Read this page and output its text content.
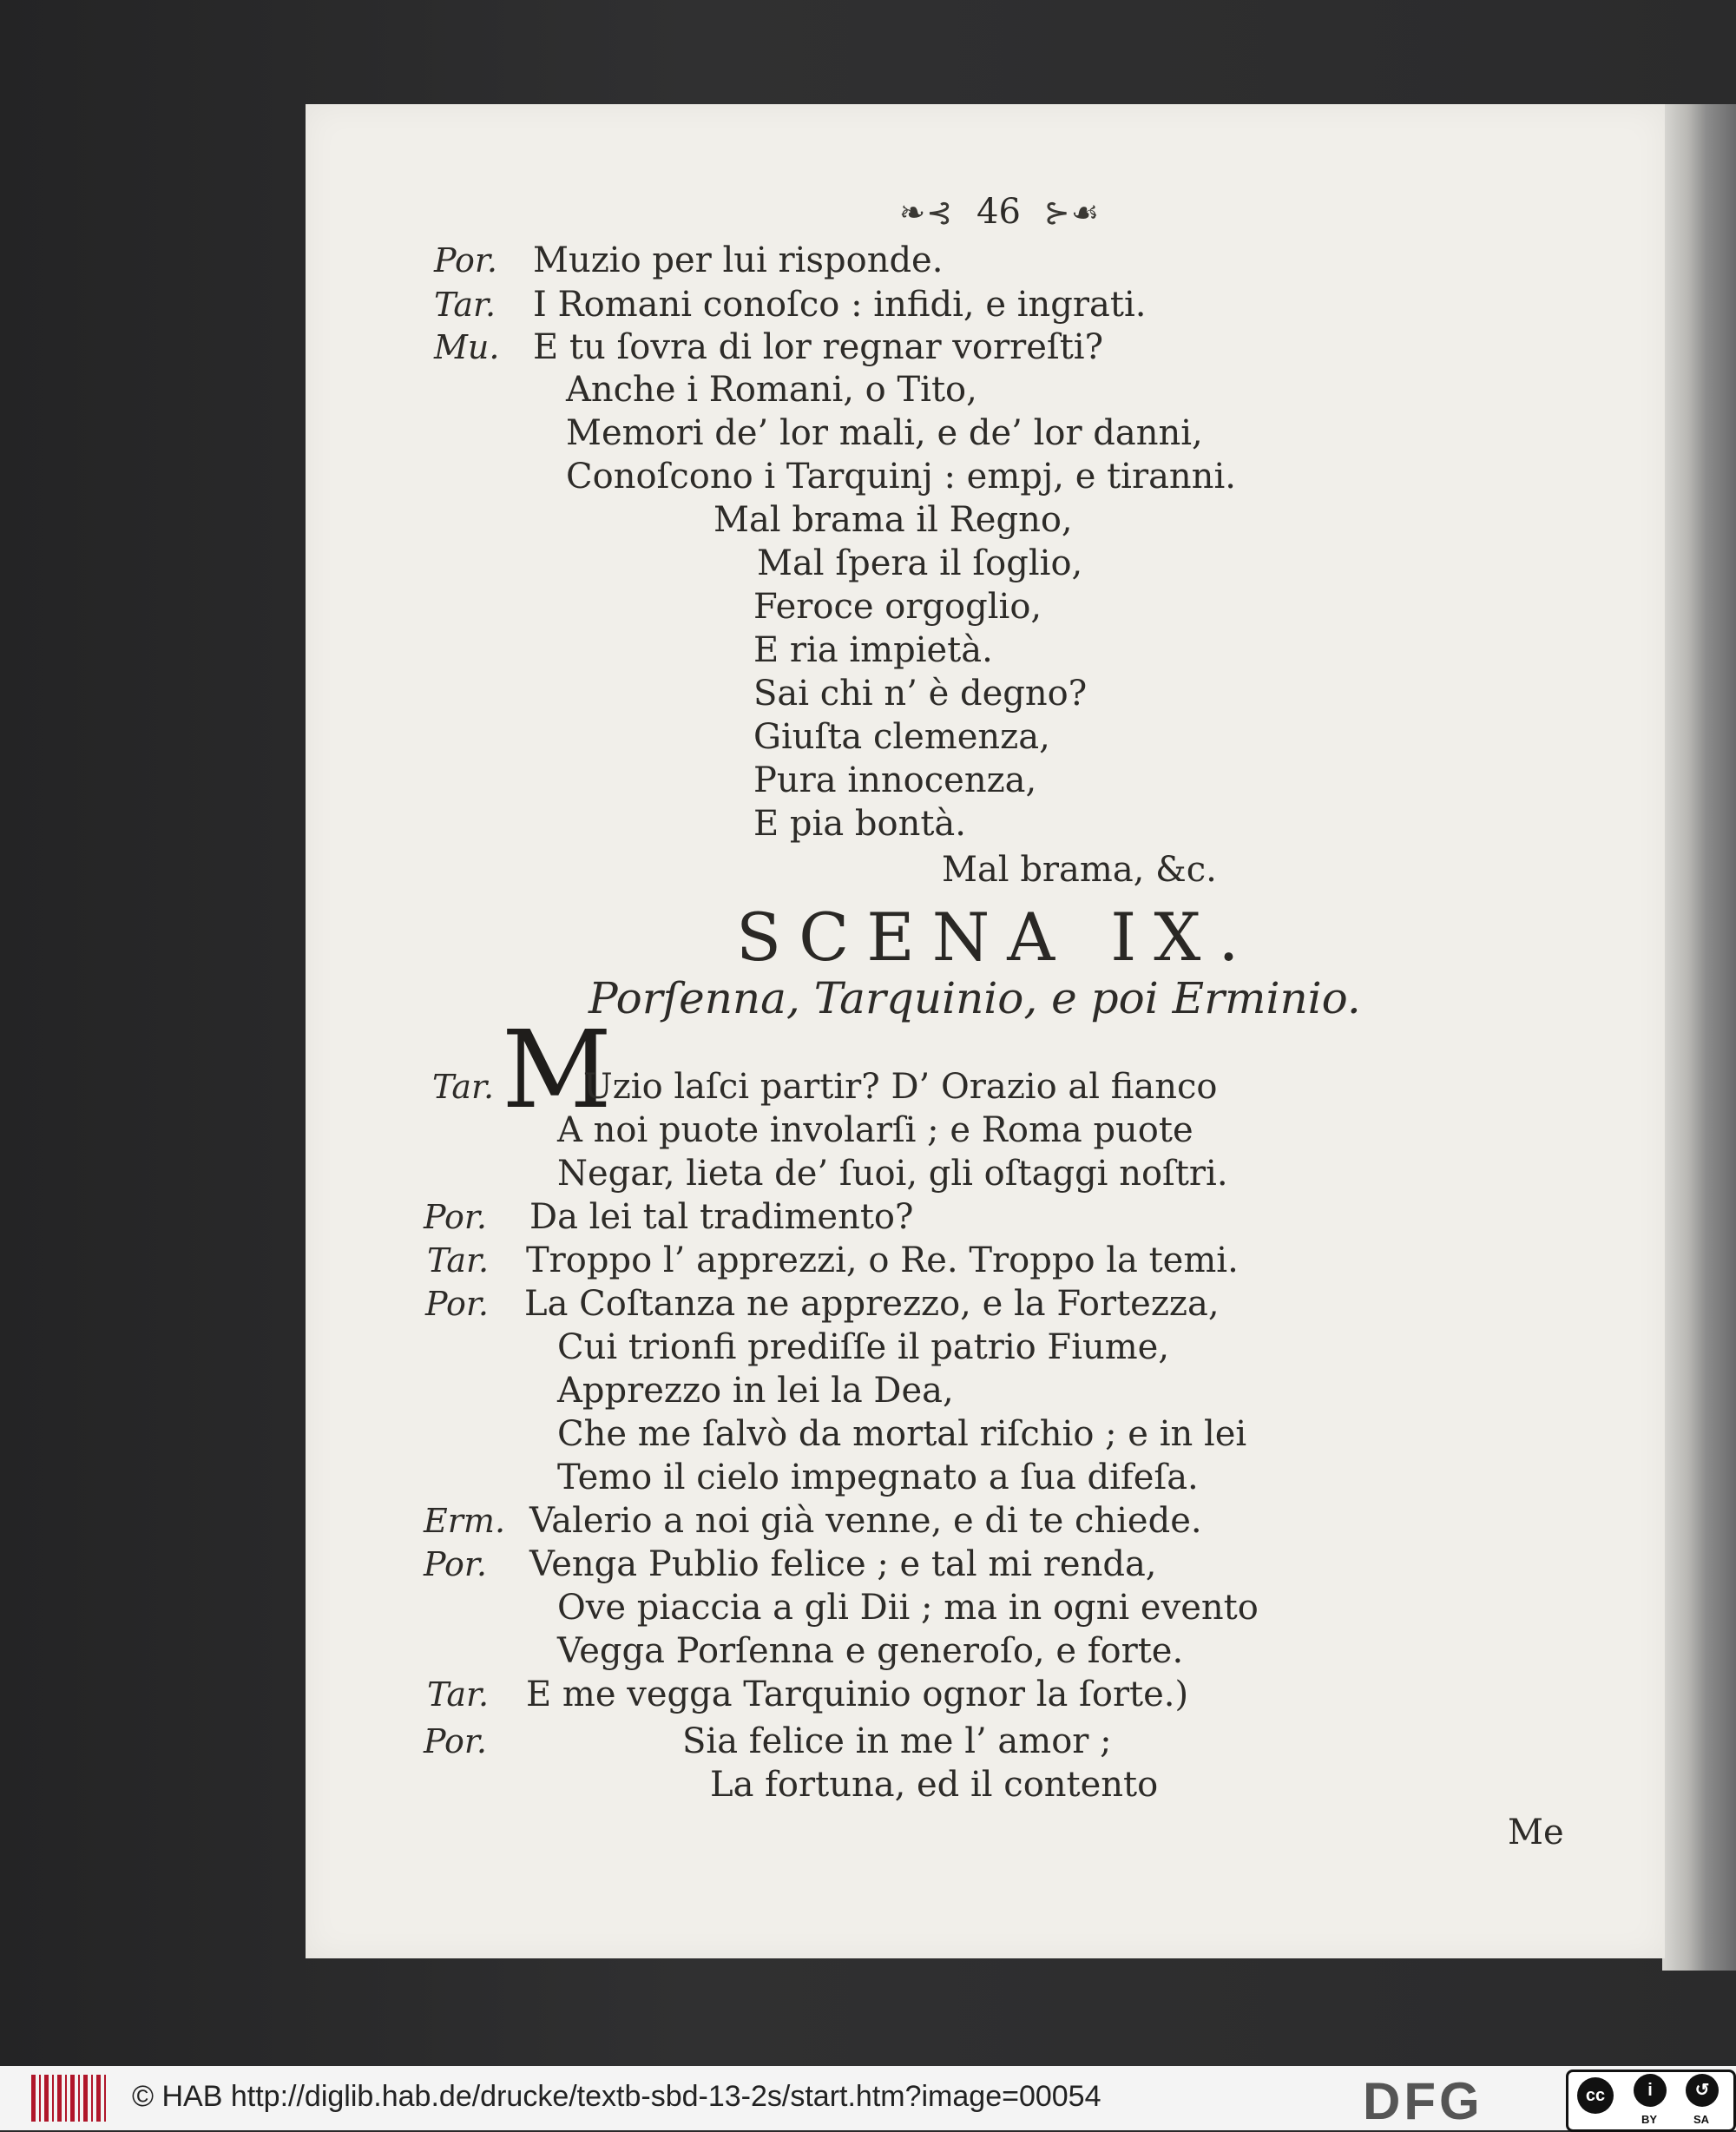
❧⊰ 46 ⊱☙
Por. Muzio per lui risponde.
Tar. I Romani conoſco : infidi, e ingrati.
Mu. E tu ſovra di lor regnar vorreſti?
Anche i Romani, o Tito,
Memori de’ lor mali, e de’ lor danni,
Conoſcono i Tarquinj : empj, e tiranni.
Mal brama il Regno,
Mal ſpera il ſoglio,
Feroce orgoglio,
E ria impietà.
Sai chi n’ è degno?
Giuſta clemenza,
Pura innocenza,
E pia bontà.
Mal brama, &c.
SCENA IX.
Porſenna, Tarquinio, e poi Erminio.
M
Tar.	Uzio laſci partir? D’ Orazio al fianco
A noi puote involarſi ; e Roma puote
Negar, lieta de’ ſuoi, gli oſtaggi noſtri.
Por. Da lei tal tradimento?
Tar. Troppo l’ apprezzi, o Re. Troppo la temi.
Por. La Coſtanza ne apprezzo, e la Fortezza,
Cui trionfi prediſſe il patrio Fiume,
Apprezzo in lei la Dea,
Che me ſalvò da mortal riſchio ; e in lei
Temo il cielo impegnato a ſua difeſa.
Erm. Valerio a noi già venne, e di te chiede.
Por. Venga Publio felice ; e tal mi renda,
Ove piaccia a gli Dii ; ma in ogni evento
Vegga Porſenna e generoſo, e forte.
Tar. E me vegga Tarquinio ognor la ſorte.)
Por.	Sia felice in me l’ amor ;
La fortuna, ed il contento
Me
© HAB http://diglib.hab.de/drucke/textb-sbd-13-2s/start.htm?image=00054	DFG	cc	i	↺
BY	SA
